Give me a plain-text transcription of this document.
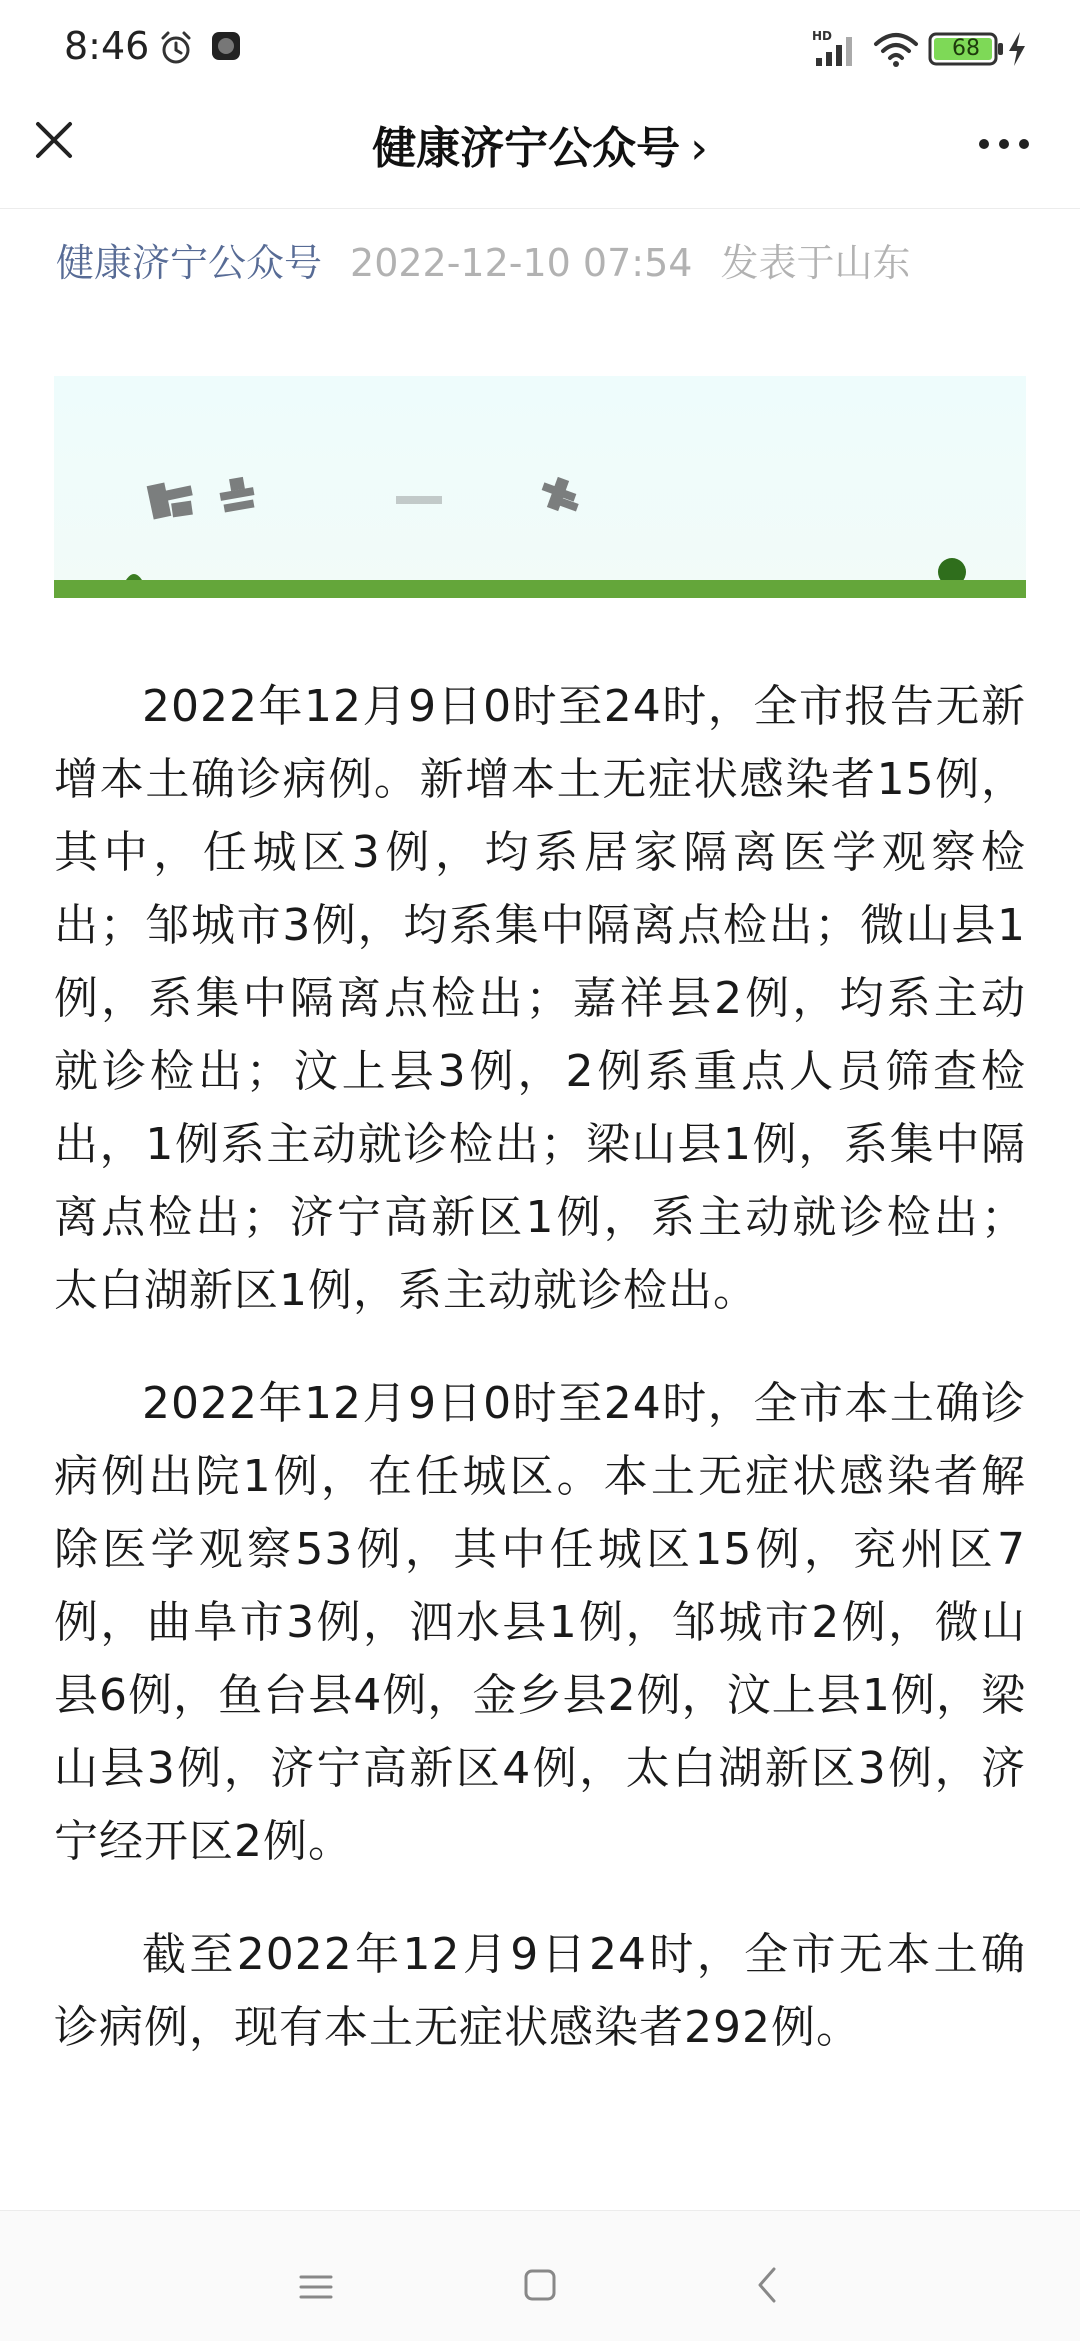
8:46	HD	68
健康济宁公众号 ›
健康济宁公众号 2022-12-10 07:54 发表于山东

2022年12月9日0时至24时，全市报告无新增本土确诊病例。新增本土无症状感染者15例，其中，任城区3例，均系居家隔离医学观察检出；邹城市3例，均系集中隔离点检出；微山县1例，系集中隔离点检出；嘉祥县2例，均系主动就诊检出；汶上县3例，2例系重点人员筛查检出，1例系主动就诊检出；梁山县1例，系集中隔离点检出；济宁高新区1例，系主动就诊检出；太白湖新区1例，系主动就诊检出。

2022年12月9日0时至24时，全市本土确诊病例出院1例，在任城区。本土无症状感染者解除医学观察53例，其中任城区15例，兖州区7例，曲阜市3例，泗水县1例，邹城市2例，微山县6例，鱼台县4例，金乡县2例，汶上县1例，梁山县3例，济宁高新区4例，太白湖新区3例，济宁经开区2例。

截至2022年12月9日24时，全市无本土确诊病例，现有本土无症状感染者292例。
